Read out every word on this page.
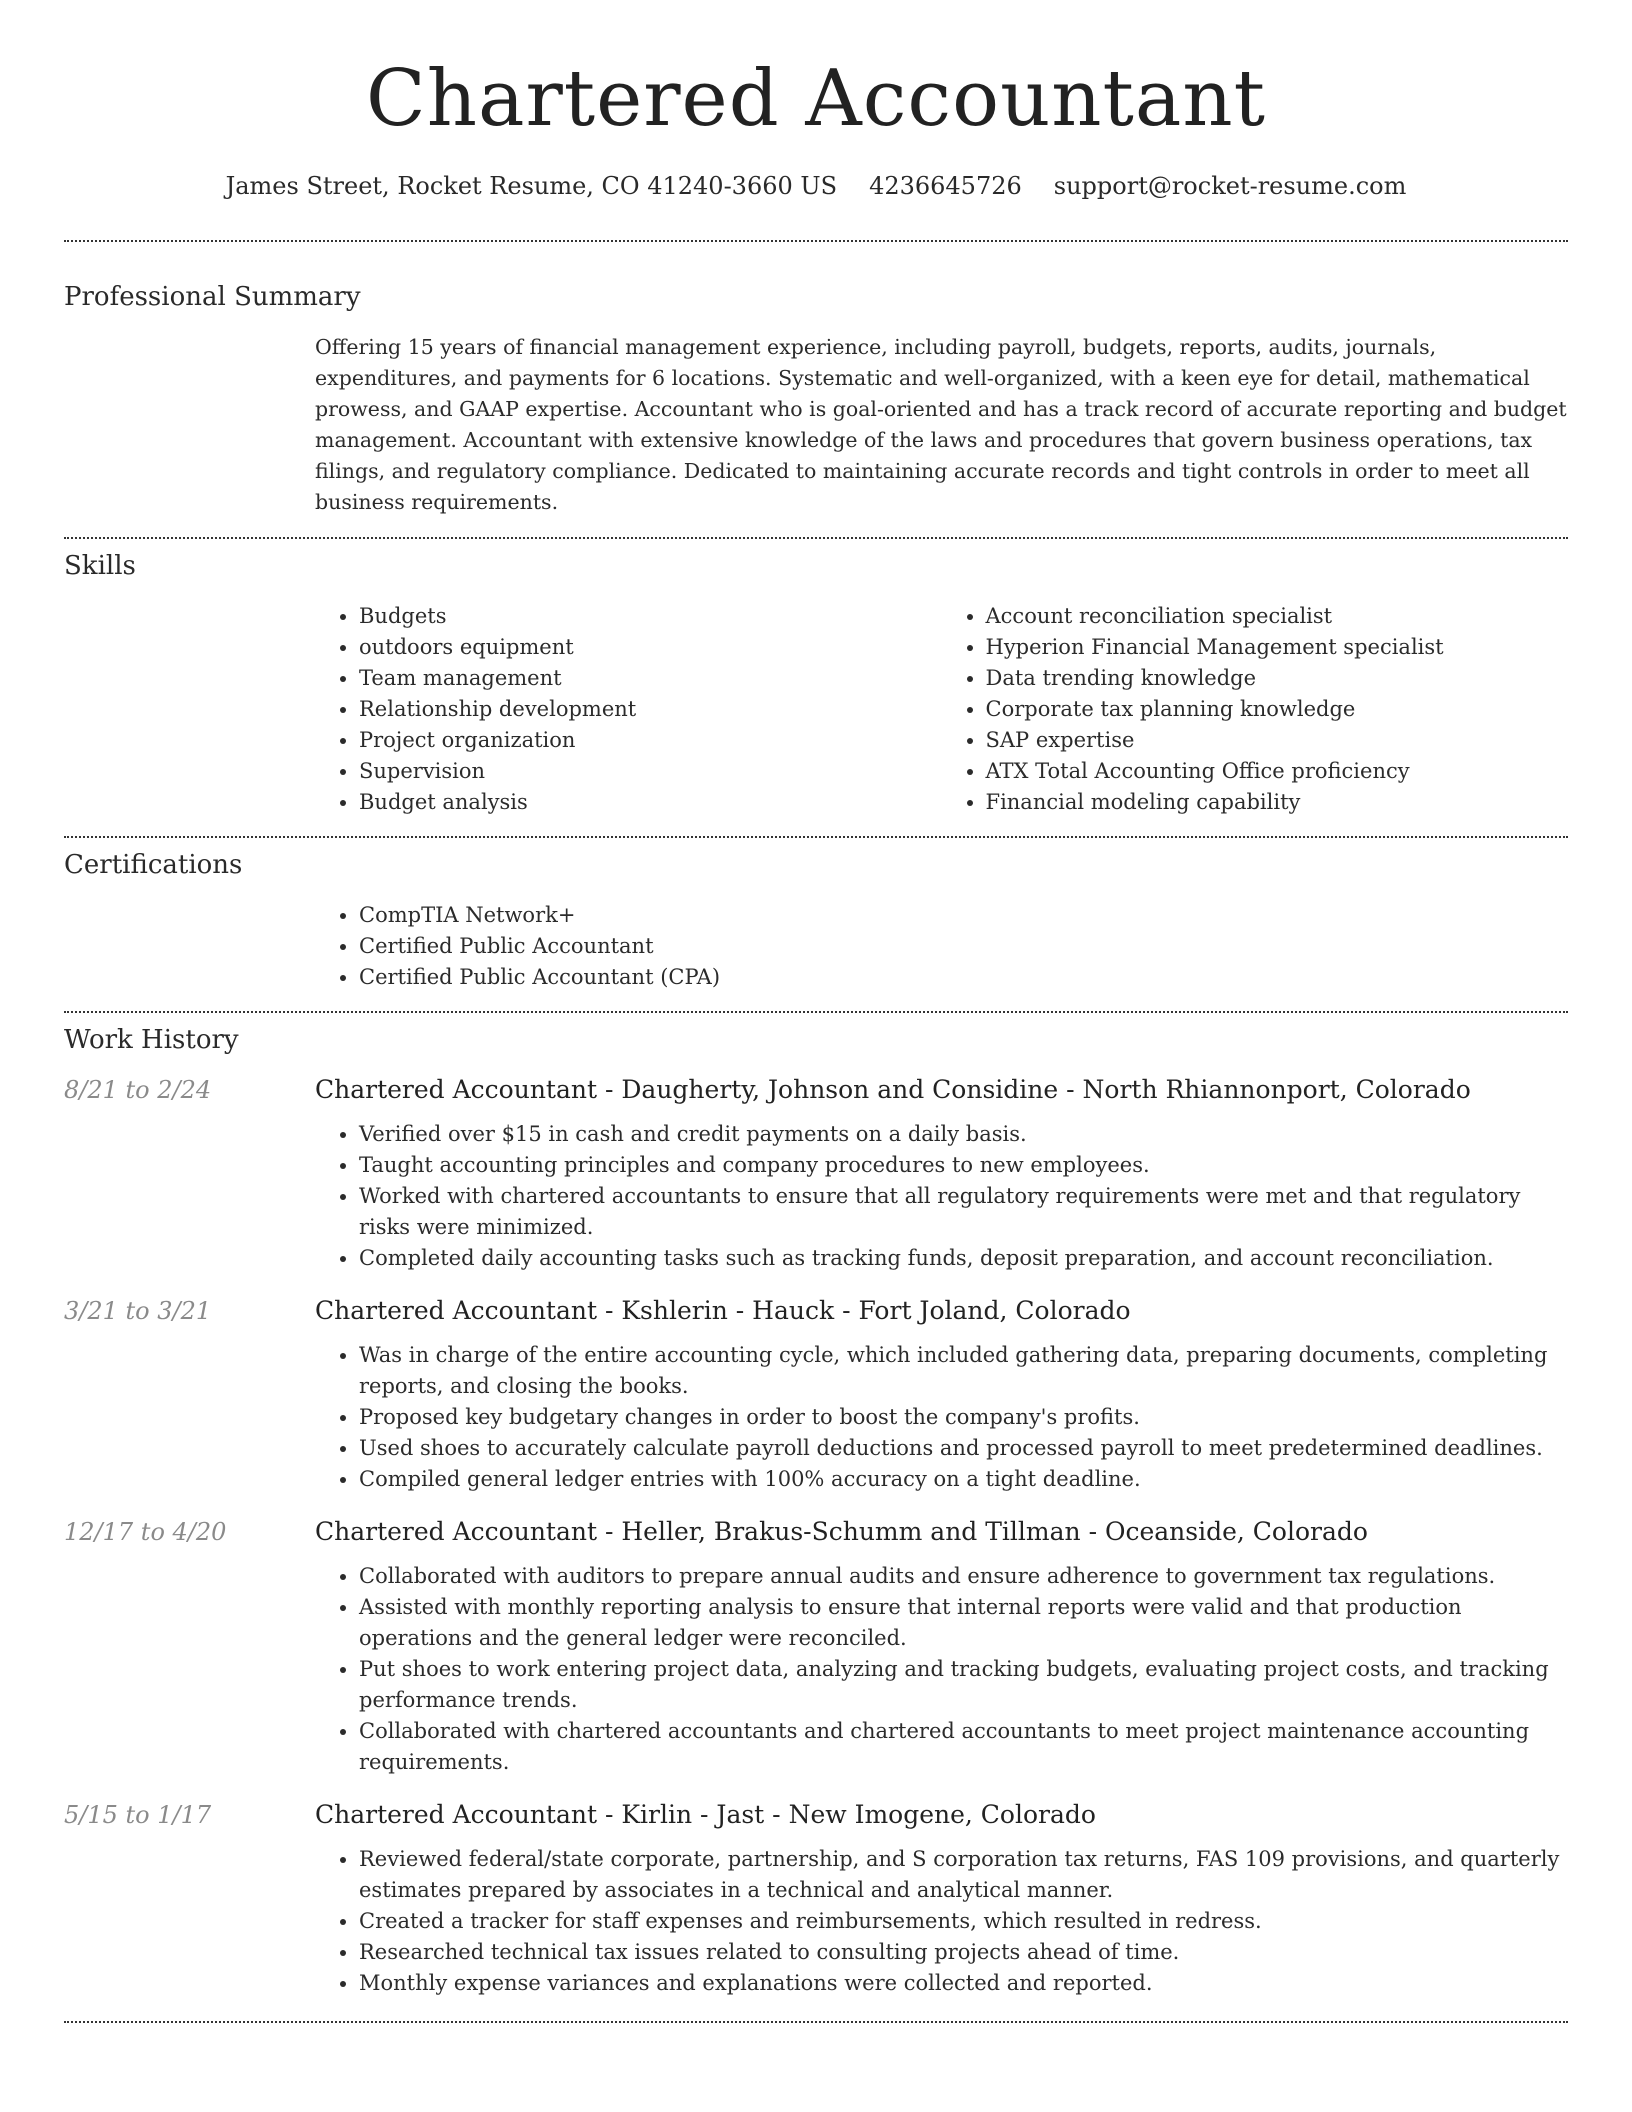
Chartered Accountant
James Street, Rocket Resume, CO 41240-3660 US 4236645726 support@rocket-resume.com
Professional Summary

Offering 15 years of financial management experience, including payroll, budgets, reports, audits, journals, expenditures, and payments for 6 locations. Systematic and well-organized, with a keen eye for detail, mathematical prowess, and GAAP expertise. Accountant who is goal-oriented and has a track record of accurate reporting and budget management. Accountant with extensive knowledge of the laws and procedures that govern business operations, tax filings, and regulatory compliance. Dedicated to maintaining accurate records and tight controls in order to meet all business requirements.

Skills
• Budgets
• outdoors equipment
• Team management
• Relationship development
• Project organization
• Supervision
• Budget analysis
• Account reconciliation specialist
• Hyperion Financial Management specialist
• Data trending knowledge
• Corporate tax planning knowledge
• SAP expertise
• ATX Total Accounting Office proficiency
• Financial modeling capability
Certifications
• CompTIA Network+
• Certified Public Accountant
• Certified Public Accountant (CPA)
Work History
8/21 to 2/24	Chartered Accountant - Daugherty, Johnson and Considine - North Rhiannonport, Colorado
• Verified over $15 in cash and credit payments on a daily basis.
• Taught accounting principles and company procedures to new employees.
• Worked with chartered accountants to ensure that all regulatory requirements were met and that regulatory risks were minimized.
• Completed daily accounting tasks such as tracking funds, deposit preparation, and account reconciliation.
3/21 to 3/21	Chartered Accountant - Kshlerin - Hauck - Fort Joland, Colorado
• Was in charge of the entire accounting cycle, which included gathering data, preparing documents, completing reports, and closing the books.
• Proposed key budgetary changes in order to boost the company's profits.
• Used shoes to accurately calculate payroll deductions and processed payroll to meet predetermined deadlines.
• Compiled general ledger entries with 100% accuracy on a tight deadline.
12/17 to 4/20	Chartered Accountant - Heller, Brakus-Schumm and Tillman - Oceanside, Colorado
• Collaborated with auditors to prepare annual audits and ensure adherence to government tax regulations.
• Assisted with monthly reporting analysis to ensure that internal reports were valid and that production operations and the general ledger were reconciled.
• Put shoes to work entering project data, analyzing and tracking budgets, evaluating project costs, and tracking performance trends.
• Collaborated with chartered accountants and chartered accountants to meet project maintenance accounting requirements.
5/15 to 1/17	Chartered Accountant - Kirlin - Jast - New Imogene, Colorado
• Reviewed federal/state corporate, partnership, and S corporation tax returns, FAS 109 provisions, and quarterly estimates prepared by associates in a technical and analytical manner.
• Created a tracker for staff expenses and reimbursements, which resulted in redress.
• Researched technical tax issues related to consulting projects ahead of time.
• Monthly expense variances and explanations were collected and reported.
